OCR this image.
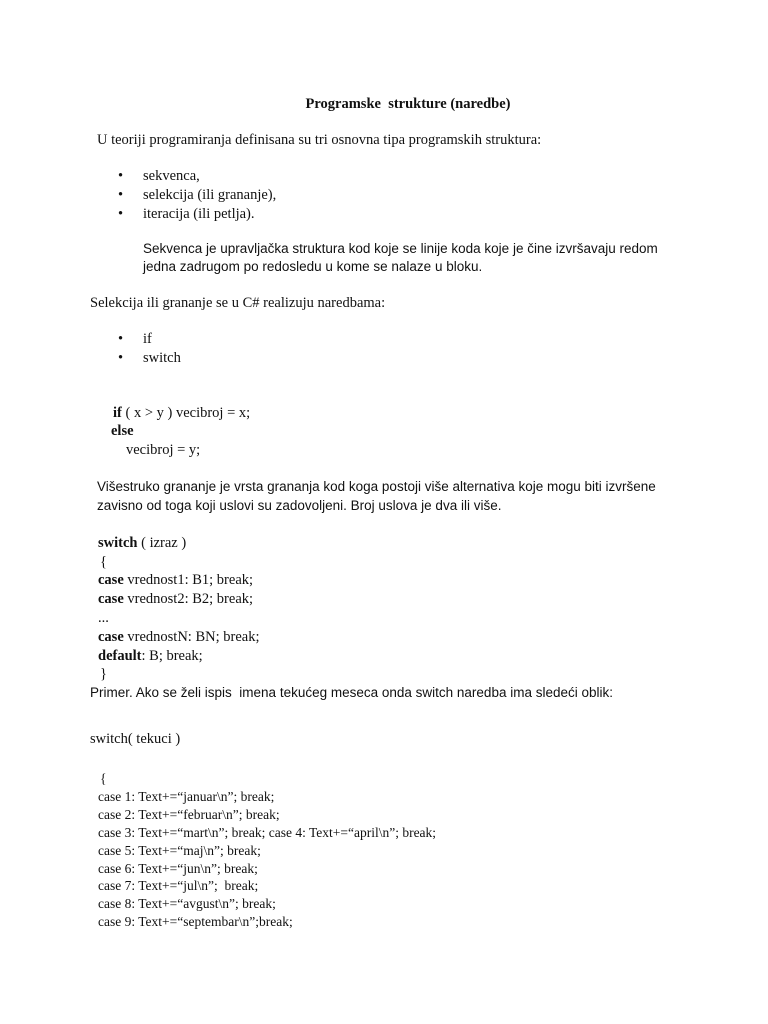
Programske  strukture (naredbe)
U teoriji programiranja definisana su tri osnovna tipa programskih struktura:
•	sekvenca,
•	selekcija (ili grananje),
•	iteracija (ili petlja).
Sekvenca je upravljačka struktura kod koje se linije koda koje je čine izvršavaju redom
jedna zadrugom po redosledu u kome se nalaze u bloku.
Selekcija ili grananje se u C# realizuju naredbama:
•	if
•	switch
if ( x > y ) vecibroj = x;
else
vecibroj = y;
Višestruko grananje je vrsta grananja kod koga postoji više alternativa koje mogu biti izvršene
zavisno od toga koji uslovi su zadovoljeni. Broj uslova je dva ili više.
switch ( izraz )
{
case vrednost1: B1; break;
case vrednost2: B2; break;
...
case vrednostN: BN; break;
default: B; break;
}
Primer. Ako se želi ispis  imena tekućeg meseca onda switch naredba ima sledeći oblik:
switch( tekuci )
{
case 1: Text+=“januar\n”; break;
case 2: Text+=“februar\n”; break;
case 3: Text+=“mart\n”; break; case 4: Text+=“april\n”; break;
case 5: Text+=“maj\n”; break;
case 6: Text+=“jun\n”; break;
case 7: Text+=“jul\n”;  break;
case 8: Text+=“avgust\n”; break;
case 9: Text+=“septembar\n”;break;
